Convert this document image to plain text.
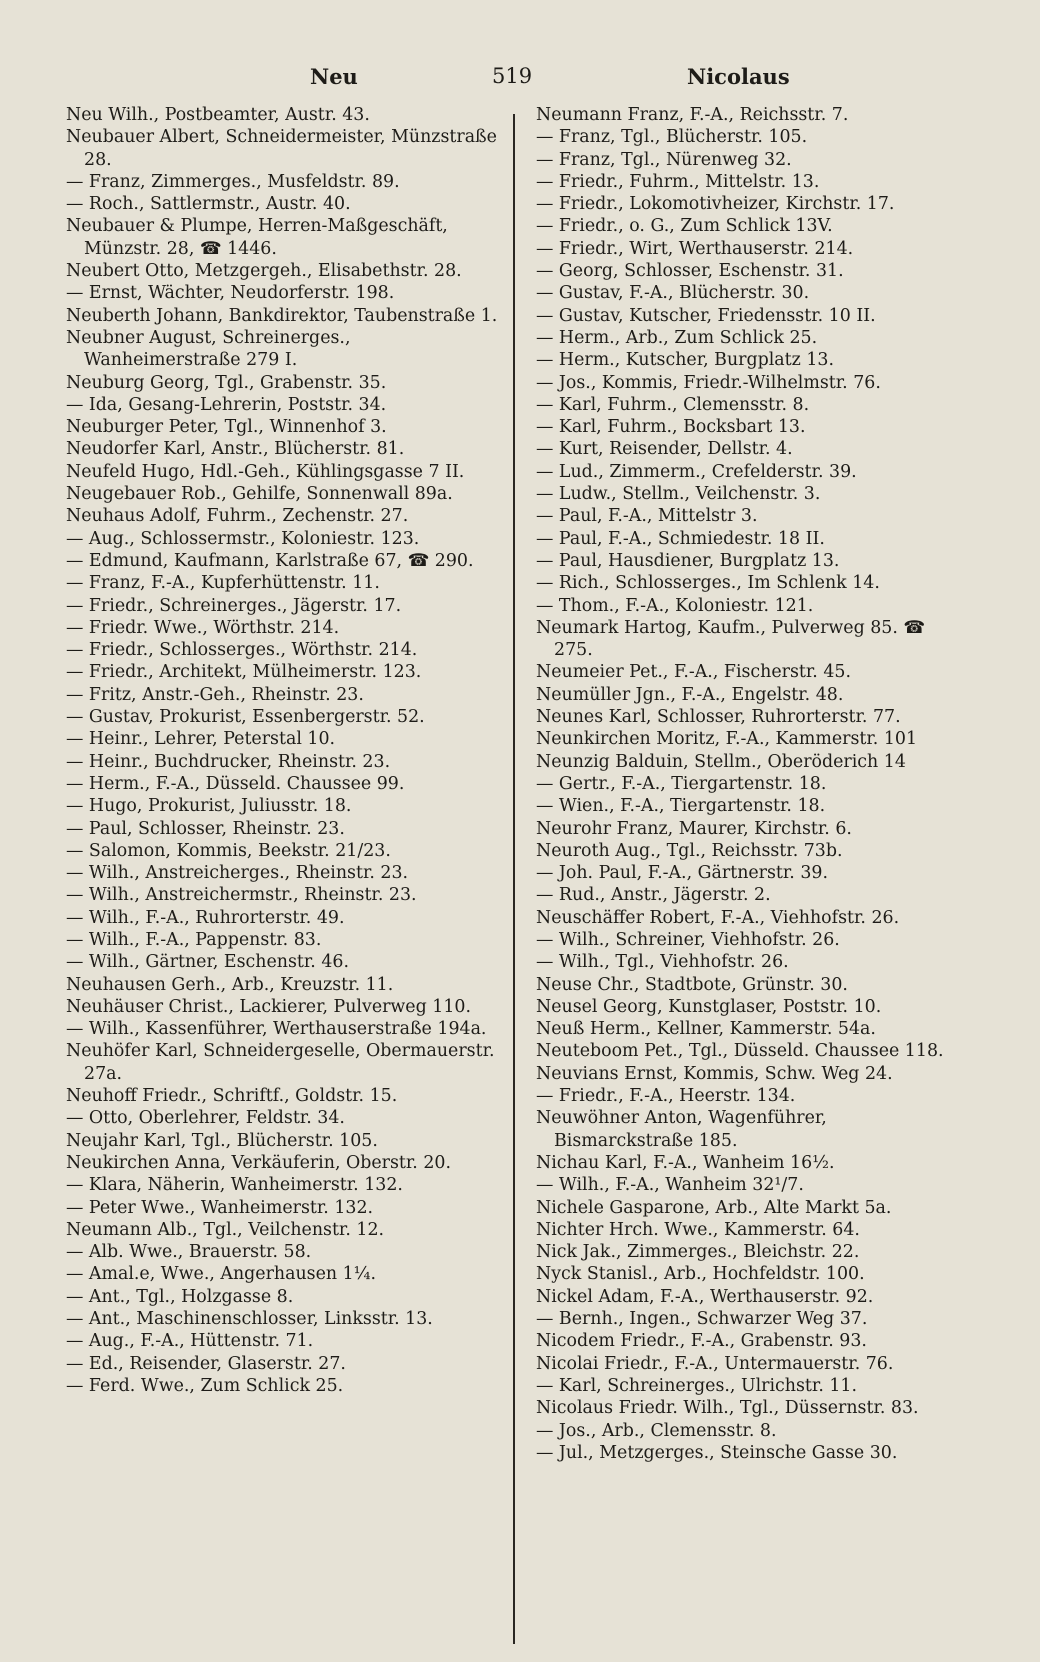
Neu	519	Nicolaus
Neu Wilh., Postbeamter, Austr. 43.
Neubauer Albert, Schneidermeister, Münzstraße 28.
— Franz, Zimmerges., Musfeldstr. 89.
— Roch., Sattlermstr., Austr. 40.
Neubauer & Plumpe, Herren-Maßgeschäft, Münzstr. 28, ☎ 1446.
Neubert Otto, Metzgergeh., Elisabethstr. 28.
— Ernst, Wächter, Neudorferstr. 198.
Neuberth Johann, Bankdirektor, Taubenstraße 1.
Neubner August, Schreinerges., Wanheimerstraße 279 I.
Neuburg Georg, Tgl., Grabenstr. 35.
— Ida, Gesang-Lehrerin, Poststr. 34.
Neuburger Peter, Tgl., Winnenhof 3.
Neudorfer Karl, Anstr., Blücherstr. 81.
Neufeld Hugo, Hdl.-Geh., Kühlingsgasse 7 II.
Neugebauer Rob., Gehilfe, Sonnenwall 89a.
Neuhaus Adolf, Fuhrm., Zechenstr. 27.
— Aug., Schlossermstr., Koloniestr. 123.
— Edmund, Kaufmann, Karlstraße 67, ☎ 290.
— Franz, F.-A., Kupferhüttenstr. 11.
— Friedr., Schreinerges., Jägerstr. 17.
— Friedr. Wwe., Wörthstr. 214.
— Friedr., Schlosserges., Wörthstr. 214.
— Friedr., Architekt, Mülheimerstr. 123.
— Fritz, Anstr.-Geh., Rheinstr. 23.
— Gustav, Prokurist, Essenbergerstr. 52.
— Heinr., Lehrer, Peterstal 10.
— Heinr., Buchdrucker, Rheinstr. 23.
— Herm., F.-A., Düsseld. Chaussee 99.
— Hugo, Prokurist, Juliusstr. 18.
— Paul, Schlosser, Rheinstr. 23.
— Salomon, Kommis, Beekstr. 21/23.
— Wilh., Anstreicherges., Rheinstr. 23.
— Wilh., Anstreichermstr., Rheinstr. 23.
— Wilh., F.-A., Ruhrorterstr. 49.
— Wilh., F.-A., Pappenstr. 83.
— Wilh., Gärtner, Eschenstr. 46.
Neuhausen Gerh., Arb., Kreuzstr. 11.
Neuhäuser Christ., Lackierer, Pulverweg 110.
— Wilh., Kassenführer, Werthauserstraße 194a.
Neuhöfer Karl, Schneidergeselle, Obermauerstr. 27a.
Neuhoff Friedr., Schriftf., Goldstr. 15.
— Otto, Oberlehrer, Feldstr. 34.
Neujahr Karl, Tgl., Blücherstr. 105.
Neukirchen Anna, Verkäuferin, Oberstr. 20.
— Klara, Näherin, Wanheimerstr. 132.
— Peter Wwe., Wanheimerstr. 132.
Neumann Alb., Tgl., Veilchenstr. 12.
— Alb. Wwe., Brauerstr. 58.
— Amal.e, Wwe., Angerhausen 1¼.
— Ant., Tgl., Holzgasse 8.
— Ant., Maschinenschlosser, Linksstr. 13.
— Aug., F.-A., Hüttenstr. 71.
— Ed., Reisender, Glaserstr. 27.
— Ferd. Wwe., Zum Schlick 25.
Neumann Franz, F.-A., Reichsstr. 7.
— Franz, Tgl., Blücherstr. 105.
— Franz, Tgl., Nürenweg 32.
— Friedr., Fuhrm., Mittelstr. 13.
— Friedr., Lokomotivheizer, Kirchstr. 17.
— Friedr., o. G., Zum Schlick 13V.
— Friedr., Wirt, Werthauserstr. 214.
— Georg, Schlosser, Eschenstr. 31.
— Gustav, F.-A., Blücherstr. 30.
— Gustav, Kutscher, Friedensstr. 10 II.
— Herm., Arb., Zum Schlick 25.
— Herm., Kutscher, Burgplatz 13.
— Jos., Kommis, Friedr.-Wilhelmstr. 76.
— Karl, Fuhrm., Clemensstr. 8.
— Karl, Fuhrm., Bocksbart 13.
— Kurt, Reisender, Dellstr. 4.
— Lud., Zimmerm., Crefelderstr. 39.
— Ludw., Stellm., Veilchenstr. 3.
— Paul, F.-A., Mittelstr 3.
— Paul, F.-A., Schmiedestr. 18 II.
— Paul, Hausdiener, Burgplatz 13.
— Rich., Schlosserges., Im Schlenk 14.
— Thom., F.-A., Koloniestr. 121.
Neumark Hartog, Kaufm., Pulverweg 85. ☎ 275.
Neumeier Pet., F.-A., Fischerstr. 45.
Neumüller Jgn., F.-A., Engelstr. 48.
Neunes Karl, Schlosser, Ruhrorterstr. 77.
Neunkirchen Moritz, F.-A., Kammerstr. 101
Neunzig Balduin, Stellm., Oberöderich 14
— Gertr., F.-A., Tiergartenstr. 18.
— Wien., F.-A., Tiergartenstr. 18.
Neurohr Franz, Maurer, Kirchstr. 6.
Neuroth Aug., Tgl., Reichsstr. 73b.
— Joh. Paul, F.-A., Gärtnerstr. 39.
— Rud., Anstr., Jägerstr. 2.
Neuschäffer Robert, F.-A., Viehhofstr. 26.
— Wilh., Schreiner, Viehhofstr. 26.
— Wilh., Tgl., Viehhofstr. 26.
Neuse Chr., Stadtbote, Grünstr. 30.
Neusel Georg, Kunstglaser, Poststr. 10.
Neuß Herm., Kellner, Kammerstr. 54a.
Neuteboom Pet., Tgl., Düsseld. Chaussee 118.
Neuvians Ernst, Kommis, Schw. Weg 24.
— Friedr., F.-A., Heerstr. 134.
Neuwöhner Anton, Wagenführer, Bismarckstraße 185.
Nichau Karl, F.-A., Wanheim 16½.
— Wilh., F.-A., Wanheim 32¹/7.
Nichele Gasparone, Arb., Alte Markt 5a.
Nichter Hrch. Wwe., Kammerstr. 64.
Nick Jak., Zimmerges., Bleichstr. 22.
Nyck Stanisl., Arb., Hochfeldstr. 100.
Nickel Adam, F.-A., Werthauserstr. 92.
— Bernh., Ingen., Schwarzer Weg 37.
Nicodem Friedr., F.-A., Grabenstr. 93.
Nicolai Friedr., F.-A., Untermauerstr. 76.
— Karl, Schreinerges., Ulrichstr. 11.
Nicolaus Friedr. Wilh., Tgl., Düssernstr. 83.
— Jos., Arb., Clemensstr. 8.
— Jul., Metzgerges., Steinsche Gasse 30.
